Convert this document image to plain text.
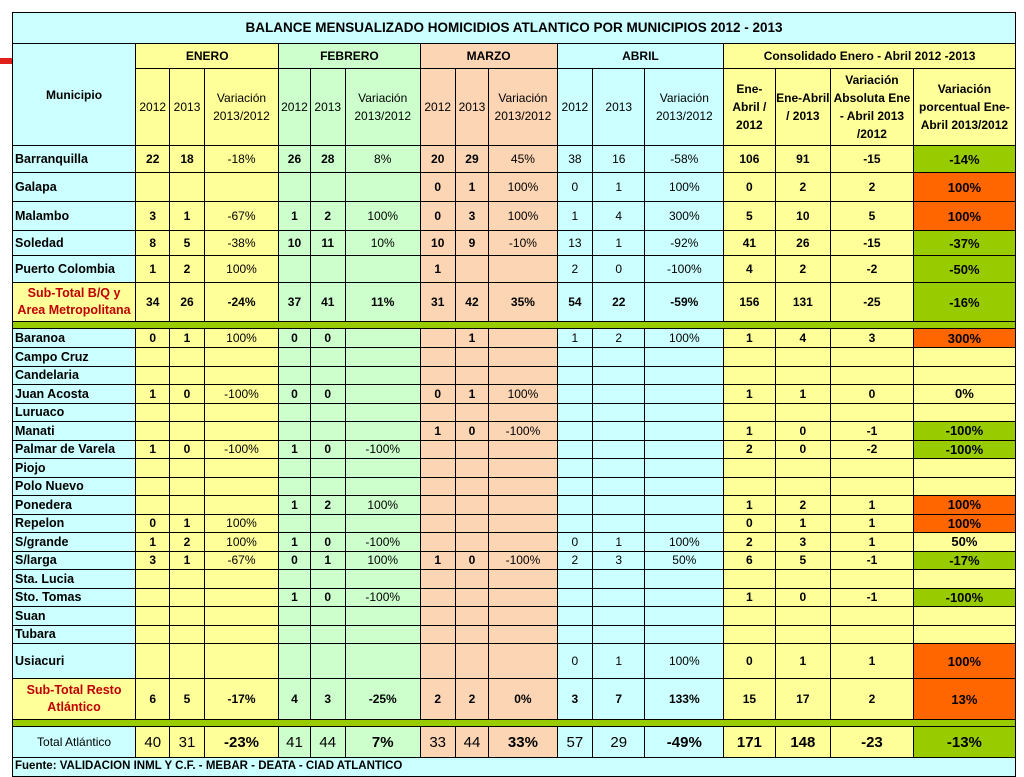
BALANCE MENSUALIZADO HOMICIDIOS ATLANTICO POR MUNICIPIOS 2012 - 2013																
Municipio	ENERO			FEBRERO			MARZO			ABRIL			Consolidado Enero - Abril 2012 -2013			
	2012	2013	Variación 2013/2012	2012	2013	Variación 2013/2012	2012	2013	Variación 2013/2012	2012	2013	Variación 2013/2012	Ene-Abril / 2012	Ene-Abril / 2013	Variación Absoluta Ene - Abril 2013 /2012	Variación porcentual Ene- Abril 2013/2012
Barranquilla	22	18	-18%	26	28	8%	20	29	45%	38	16	-58%	106	91	-15	-14%
Galapa							0	1	100%	0	1	100%	0	2	2	100%
Malambo	3	1	-67%	1	2	100%	0	3	100%	1	4	300%	5	10	5	100%
Soledad	8	5	-38%	10	11	10%	10	9	-10%	13	1	-92%	41	26	-15	-37%
Puerto Colombia	1	2	100%				1			2	0	-100%	4	2	-2	-50%
Sub-Total B/Q y Area Metropolitana	34	26	-24%	37	41	11%	31	42	35%	54	22	-59%	156	131	-25	-16%

Baranoa	0	1	100%	0	0			1		1	2	100%	1	4	3	300%
Campo Cruz																
Candelaria																
Juan Acosta	1	0	-100%	0	0		0	1	100%				1	1	0	0%
Luruaco																
Manati							1	0	-100%				1	0	-1	-100%
Palmar de Varela	1	0	-100%	1	0	-100%							2	0	-2	-100%
Piojo																
Polo Nuevo																
Ponedera				1	2	100%							1	2	1	100%
Repelon	0	1	100%										0	1	1	100%
S/grande	1	2	100%	1	0	-100%				0	1	100%	2	3	1	50%
S/larga	3	1	-67%	0	1	100%	1	0	-100%	2	3	50%	6	5	-1	-17%
Sta. Lucia																
Sto. Tomas				1	0	-100%							1	0	-1	-100%
Suan																
Tubara																
Usiacuri										0	1	100%	0	1	1	100%
Sub-Total Resto Atlántico	6	5	-17%	4	3	-25%	2	2	0%	3	7	133%	15	17	2	13%

Total Atlántico	40	31	-23%	41	44	7%	33	44	33%	57	29	-49%	171	148	-23	-13%
Fuente: VALIDACION INML Y C.F. - MEBAR - DEATA - CIAD ATLANTICO																
